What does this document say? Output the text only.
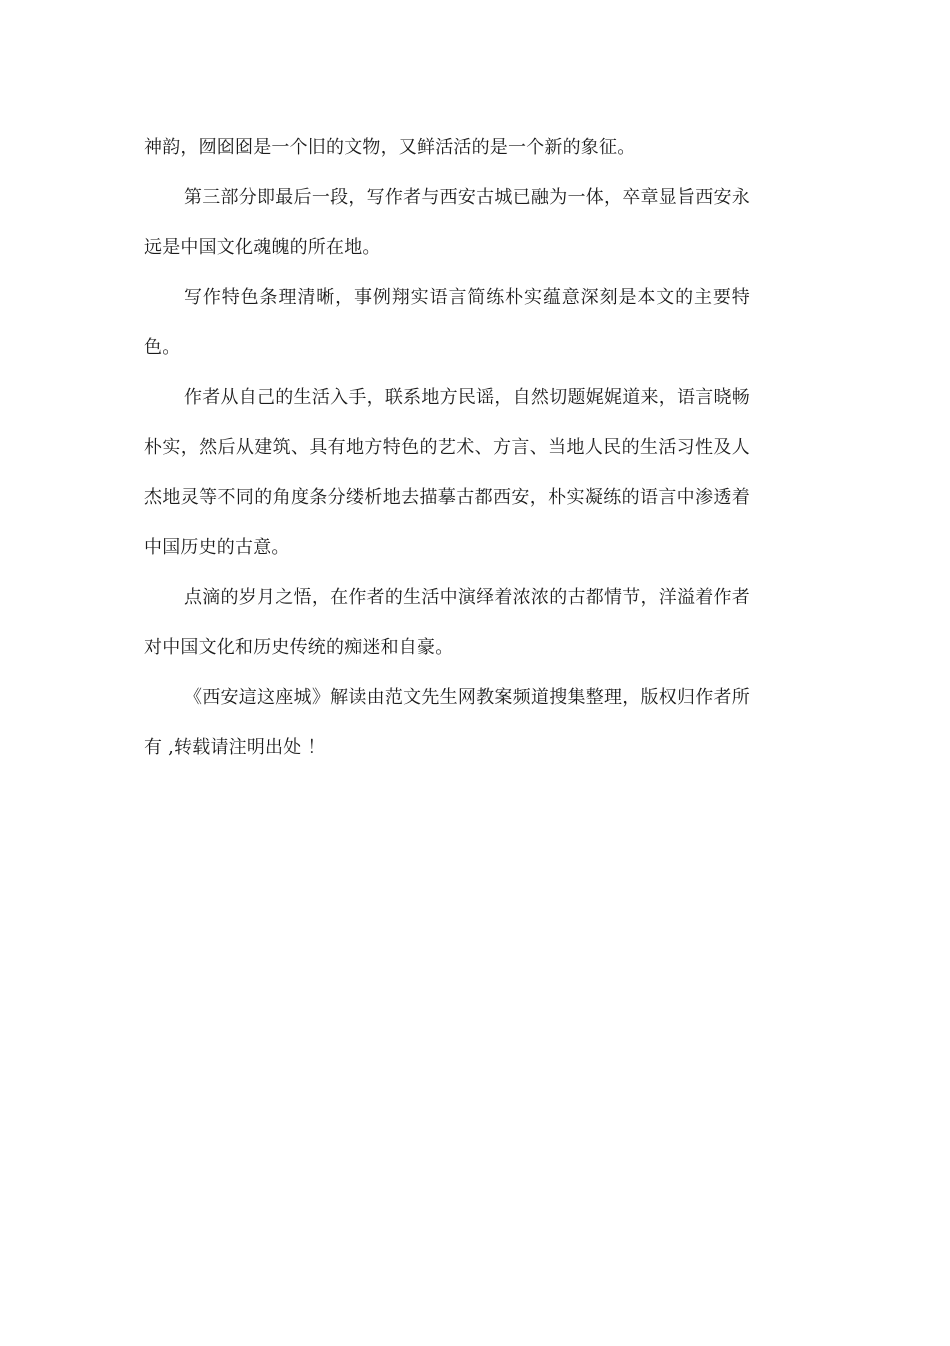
神韵，囫囵囵是一个旧的文物，又鲜活活的是一个新的象征。

第三部分即最后一段，写作者与西安古城已融为一体，卒章显旨西安永远是中国文化魂魄的所在地。

写作特色条理清晰，事例翔实语言简练朴实蕴意深刻是本文的主要特色。

作者从自己的生活入手，联系地方民谣，自然切题娓娓道来，语言晓畅朴实，然后从建筑、具有地方特色的艺术、方言、当地人民的生活习性及人杰地灵等不同的角度条分缕析地去描摹古都西安，朴实凝练的语言中渗透着中国历史的古意。

点滴的岁月之悟，在作者的生活中演绎着浓浓的古都情节，洋溢着作者对中国文化和历史传统的痴迷和自豪。

《西安這这座城》解读由范文先生网教案频道搜集整理，版权归作者所有 ,转载请注明出处 ！
